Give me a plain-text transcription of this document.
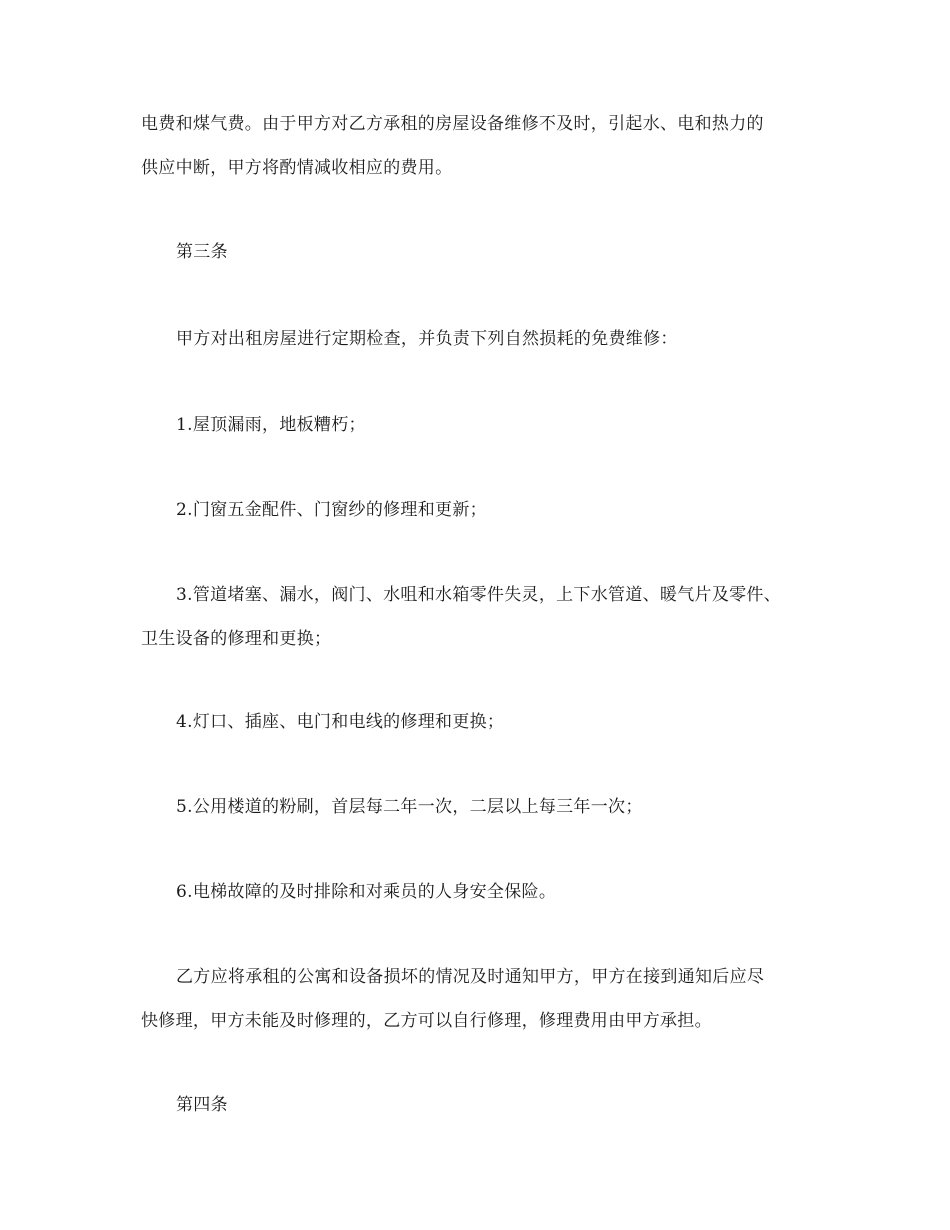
电费和煤气费。由于甲方对乙方承租的房屋设备维修不及时，引起水、电和热力的
供应中断，甲方将酌情减收相应的费用。
第三条
甲方对出租房屋进行定期检查，并负责下列自然损耗的免费维修：
1.屋顶漏雨，地板糟朽；
2.门窗五金配件、门窗纱的修理和更新；
3.管道堵塞、漏水，阀门、水咀和水箱零件失灵，上下水管道、暖气片及零件、
卫生设备的修理和更换；
4.灯口、插座、电门和电线的修理和更换；
5.公用楼道的粉刷，首层每二年一次，二层以上每三年一次；
6.电梯故障的及时排除和对乘员的人身安全保险。
乙方应将承租的公寓和设备损坏的情况及时通知甲方，甲方在接到通知后应尽
快修理，甲方未能及时修理的，乙方可以自行修理，修理费用由甲方承担。
第四条
